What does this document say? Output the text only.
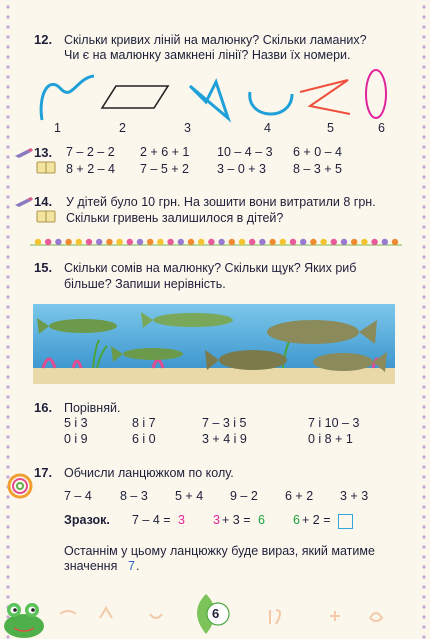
12. Скільки кривих ліній на малюнку? Скільки ламаних?
Чи є на малюнку замкнені лінії? Назви їх номери.
1	2	3	4	5	6
13. 7 – 2 – 2 2 + 6 + 1 10 – 4 – 3 6 + 0 – 4
8 + 2 – 4 7 – 5 + 2 3 – 0 + 3 8 – 3 + 5
14. У дітей було 10 грн. На зошити вони витратили 8 грн.
Скільки гривень залишилося в дітей?
15. Скільки сомів на малюнку? Скільки щук? Яких риб
більше? Запиши нерівність.
16. Порівняй.
5 і 3	8 і 7	7 – 3 і 5	7 і 10 – 3
0 і 9	6 і 0	3 + 4 і 9	0 і 8 + 1
17. Обчисли ланцюжком по колу.
7 – 4 8 – 3 5 + 4 9 – 2 6 + 2 3 + 3
Зразок. 7 – 4 = 3 3 + 3 = 6 6 + 2 =
Останнім у цьому ланцюжку буде вираз, який матиме
значення 7 .
6
